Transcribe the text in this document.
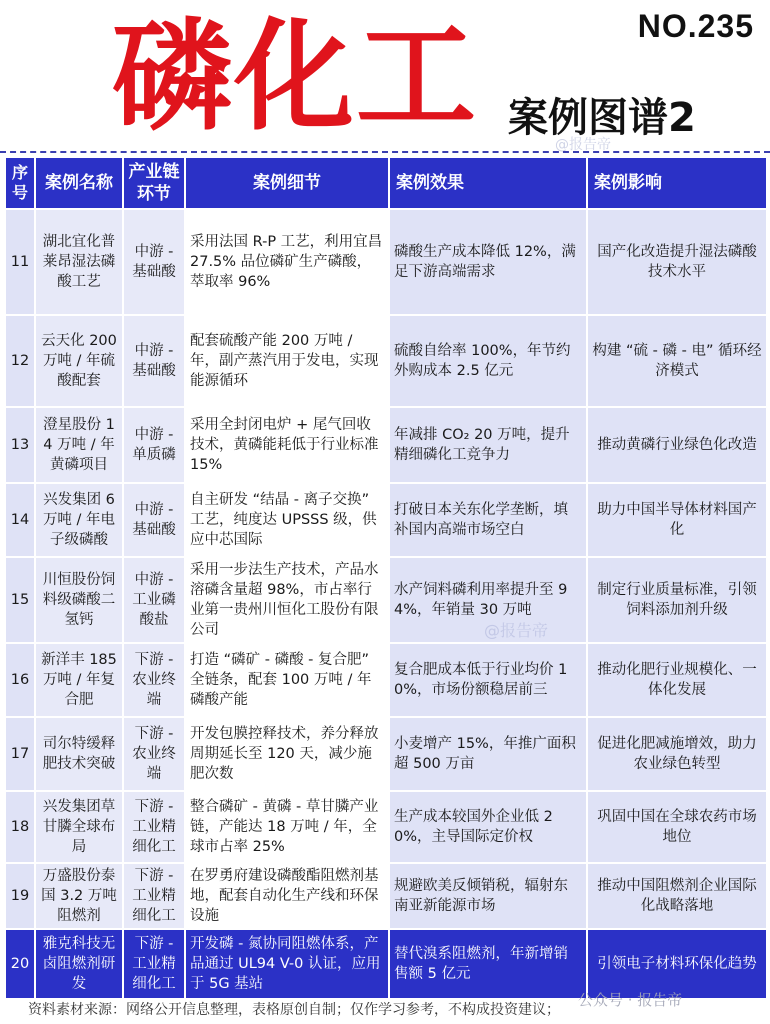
NO.235
磷化工 案例图谱2
@报告帝
序号	案例名称	产业链环节	案例细节	案例效果	案例影响
11	湖北宜化普莱昂湿法磷酸工艺	中游 - 基础酸	采用法国 R-P 工艺，利用宜昌 27.5% 品位磷矿生产磷酸，萃取率 96%	磷酸生产成本降低 12%，满足下游高端需求	国产化改造提升湿法磷酸技术水平
12	云天化 200 万吨 / 年硫酸配套	中游 - 基础酸	配套硫酸产能 200 万吨 / 年，副产蒸汽用于发电，实现能源循环	硫酸自给率 100%，年节约外购成本 2.5 亿元	构建 “硫 - 磷 - 电” 循环经济模式
13	澄星股份 14 万吨 / 年黄磷项目	中游 - 单质磷	采用全封闭电炉 + 尾气回收技术，黄磷能耗低于行业标准 15%	年减排 CO₂ 20 万吨，提升精细磷化工竞争力	推动黄磷行业绿色化改造
14	兴发集团 6 万吨 / 年电子级磷酸	中游 - 基础酸	自主研发 “结晶 - 离子交换” 工艺，纯度达 UPSSS 级，供应中芯国际	打破日本关东化学垄断，填补国内高端市场空白	助力中国半导体材料国产化
15	川恒股份饲料级磷酸二氢钙	中游 - 工业磷酸盐	采用一步法生产技术，产品水溶磷含量超 98%，市占率行业第一贵州川恒化工股份有限公司	水产饲料磷利用率提升至 94%，年销量 30 万吨	制定行业质量标准，引领饲料添加剂升级
16	新洋丰 185 万吨 / 年复合肥	下游 - 农业终端	打造 “磷矿 - 磷酸 - 复合肥” 全链条，配套 100 万吨 / 年磷酸产能	复合肥成本低于行业均价 10%，市场份额稳居前三	推动化肥行业规模化、一体化发展
17	司尔特缓释肥技术突破	下游 - 农业终端	开发包膜控释技术，养分释放周期延长至 120 天，减少施肥次数	小麦增产 15%，年推广面积超 500 万亩	促进化肥减施增效，助力农业绿色转型
18	兴发集团草甘膦全球布局	下游 - 工业精细化工	整合磷矿 - 黄磷 - 草甘膦产业链，产能达 18 万吨 / 年，全球市占率 25%	生产成本较国外企业低 20%，主导国际定价权	巩固中国在全球农药市场地位
19	万盛股份泰国 3.2 万吨阻燃剂	下游 - 工业精细化工	在罗勇府建设磷酸酯阻燃剂基地，配套自动化生产线和环保设施	规避欧美反倾销税，辐射东南亚新能源市场	推动中国阻燃剂企业国际化战略落地
20	雅克科技无卤阻燃剂研发	下游 - 工业精细化工	开发磷 - 氮协同阻燃体系，产品通过 UL94 V-0 认证，应用于 5G 基站	替代溴系阻燃剂，年新增销售额 5 亿元	引领电子材料环保化趋势
@报告帝
资料素材来源：网络公开信息整理，表格原创自制；仅作学习参考，不构成投资建议；
公众号 · 报告帝
